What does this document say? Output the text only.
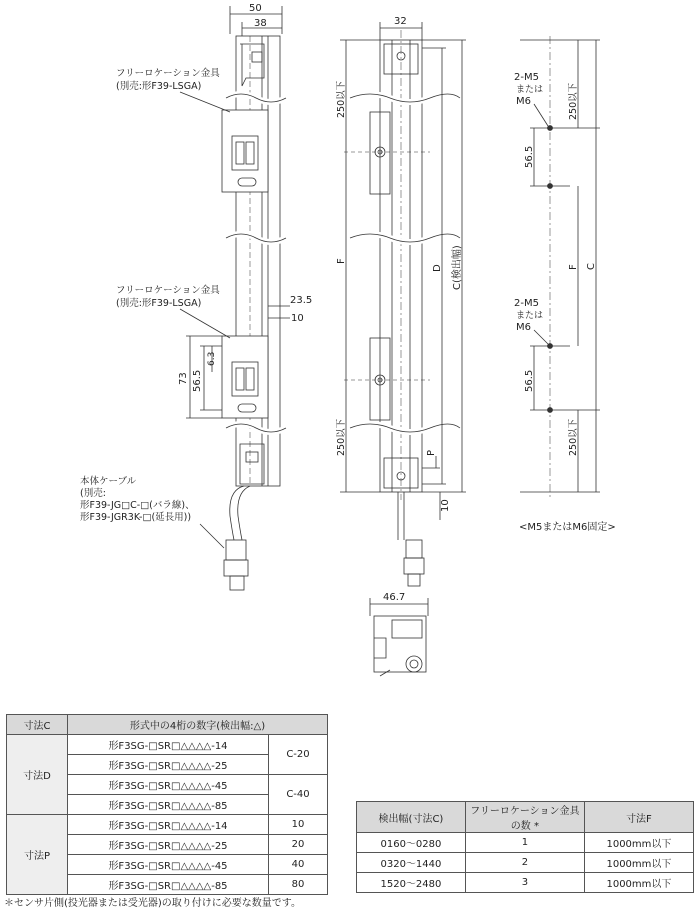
50
38
フリーロケーション金具
(別売:形F39-LSGA)
フリーロケーション金具
(別売:形F39-LSGA)	23.5
10
73 56.5
6.3
本体ケーブル
(別売:
形F39-JG□C-□(バラ線)、
形F39-JGR3K-□(延長用))
32
250以下
F
250以下
D C(検出幅)
P
10
46.7
56.5
56.5
250以下
F
250以下
C
2-M5
または
M6
2-M5
または
M6
<M5またはM6固定>
寸法C	形式中の4桁の数字(検出幅:△)	
寸法D	形F3SG-□SR□△△△△-14	C-20
	形F3SG-□SR□△△△△-25	
	形F3SG-□SR□△△△△-45	C-40
	形F3SG-□SR□△△△△-85	
寸法P	形F3SG-□SR□△△△△-14	10
	形F3SG-□SR□△△△△-25	20
	形F3SG-□SR□△△△△-45	40
	形F3SG-□SR□△△△△-85	80
検出幅(寸法C)	フリーロケーション金具の数 *	寸法F
0160〜0280	1	1000mm以下
0320〜1440	2	1000mm以下
1520〜2480	3	1000mm以下
＊センサ片側(投光器または受光器)の取り付けに必要な数量です。
